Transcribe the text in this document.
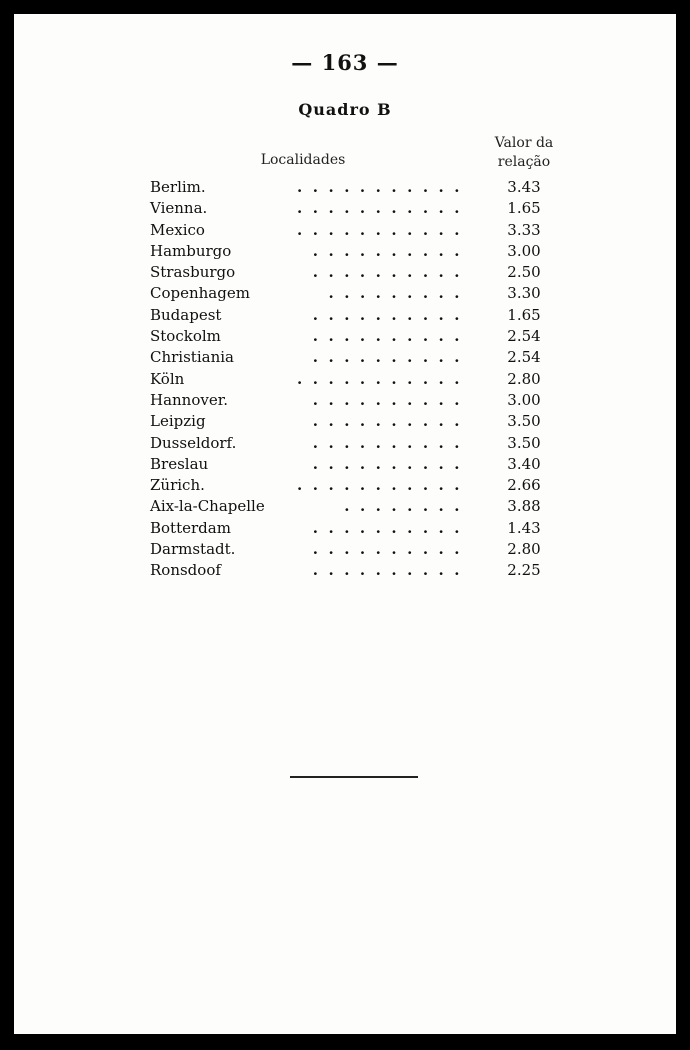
— 163 —
Quadro B
Localidades
Valor da
relação
...........
Berlim.	3.43
...........
Vienna.	1.65
...........
Mexico	3.33
..........
Hamburgo	3.00
..........
Strasburgo	2.50
.........
Copenhagem	3.30
..........
Budapest	1.65
..........
Stockolm	2.54
..........
Christiania	2.54
...........
Köln	2.80
..........
Hannover.	3.00
..........
Leipzig	3.50
..........
Dusseldorf.	3.50
..........
Breslau	3.40
...........
Zürich.	2.66
........
Aix-la-Chapelle	3.88
..........
Botterdam	1.43
..........
Darmstadt.	2.80
..........
Ronsdoof	2.25
